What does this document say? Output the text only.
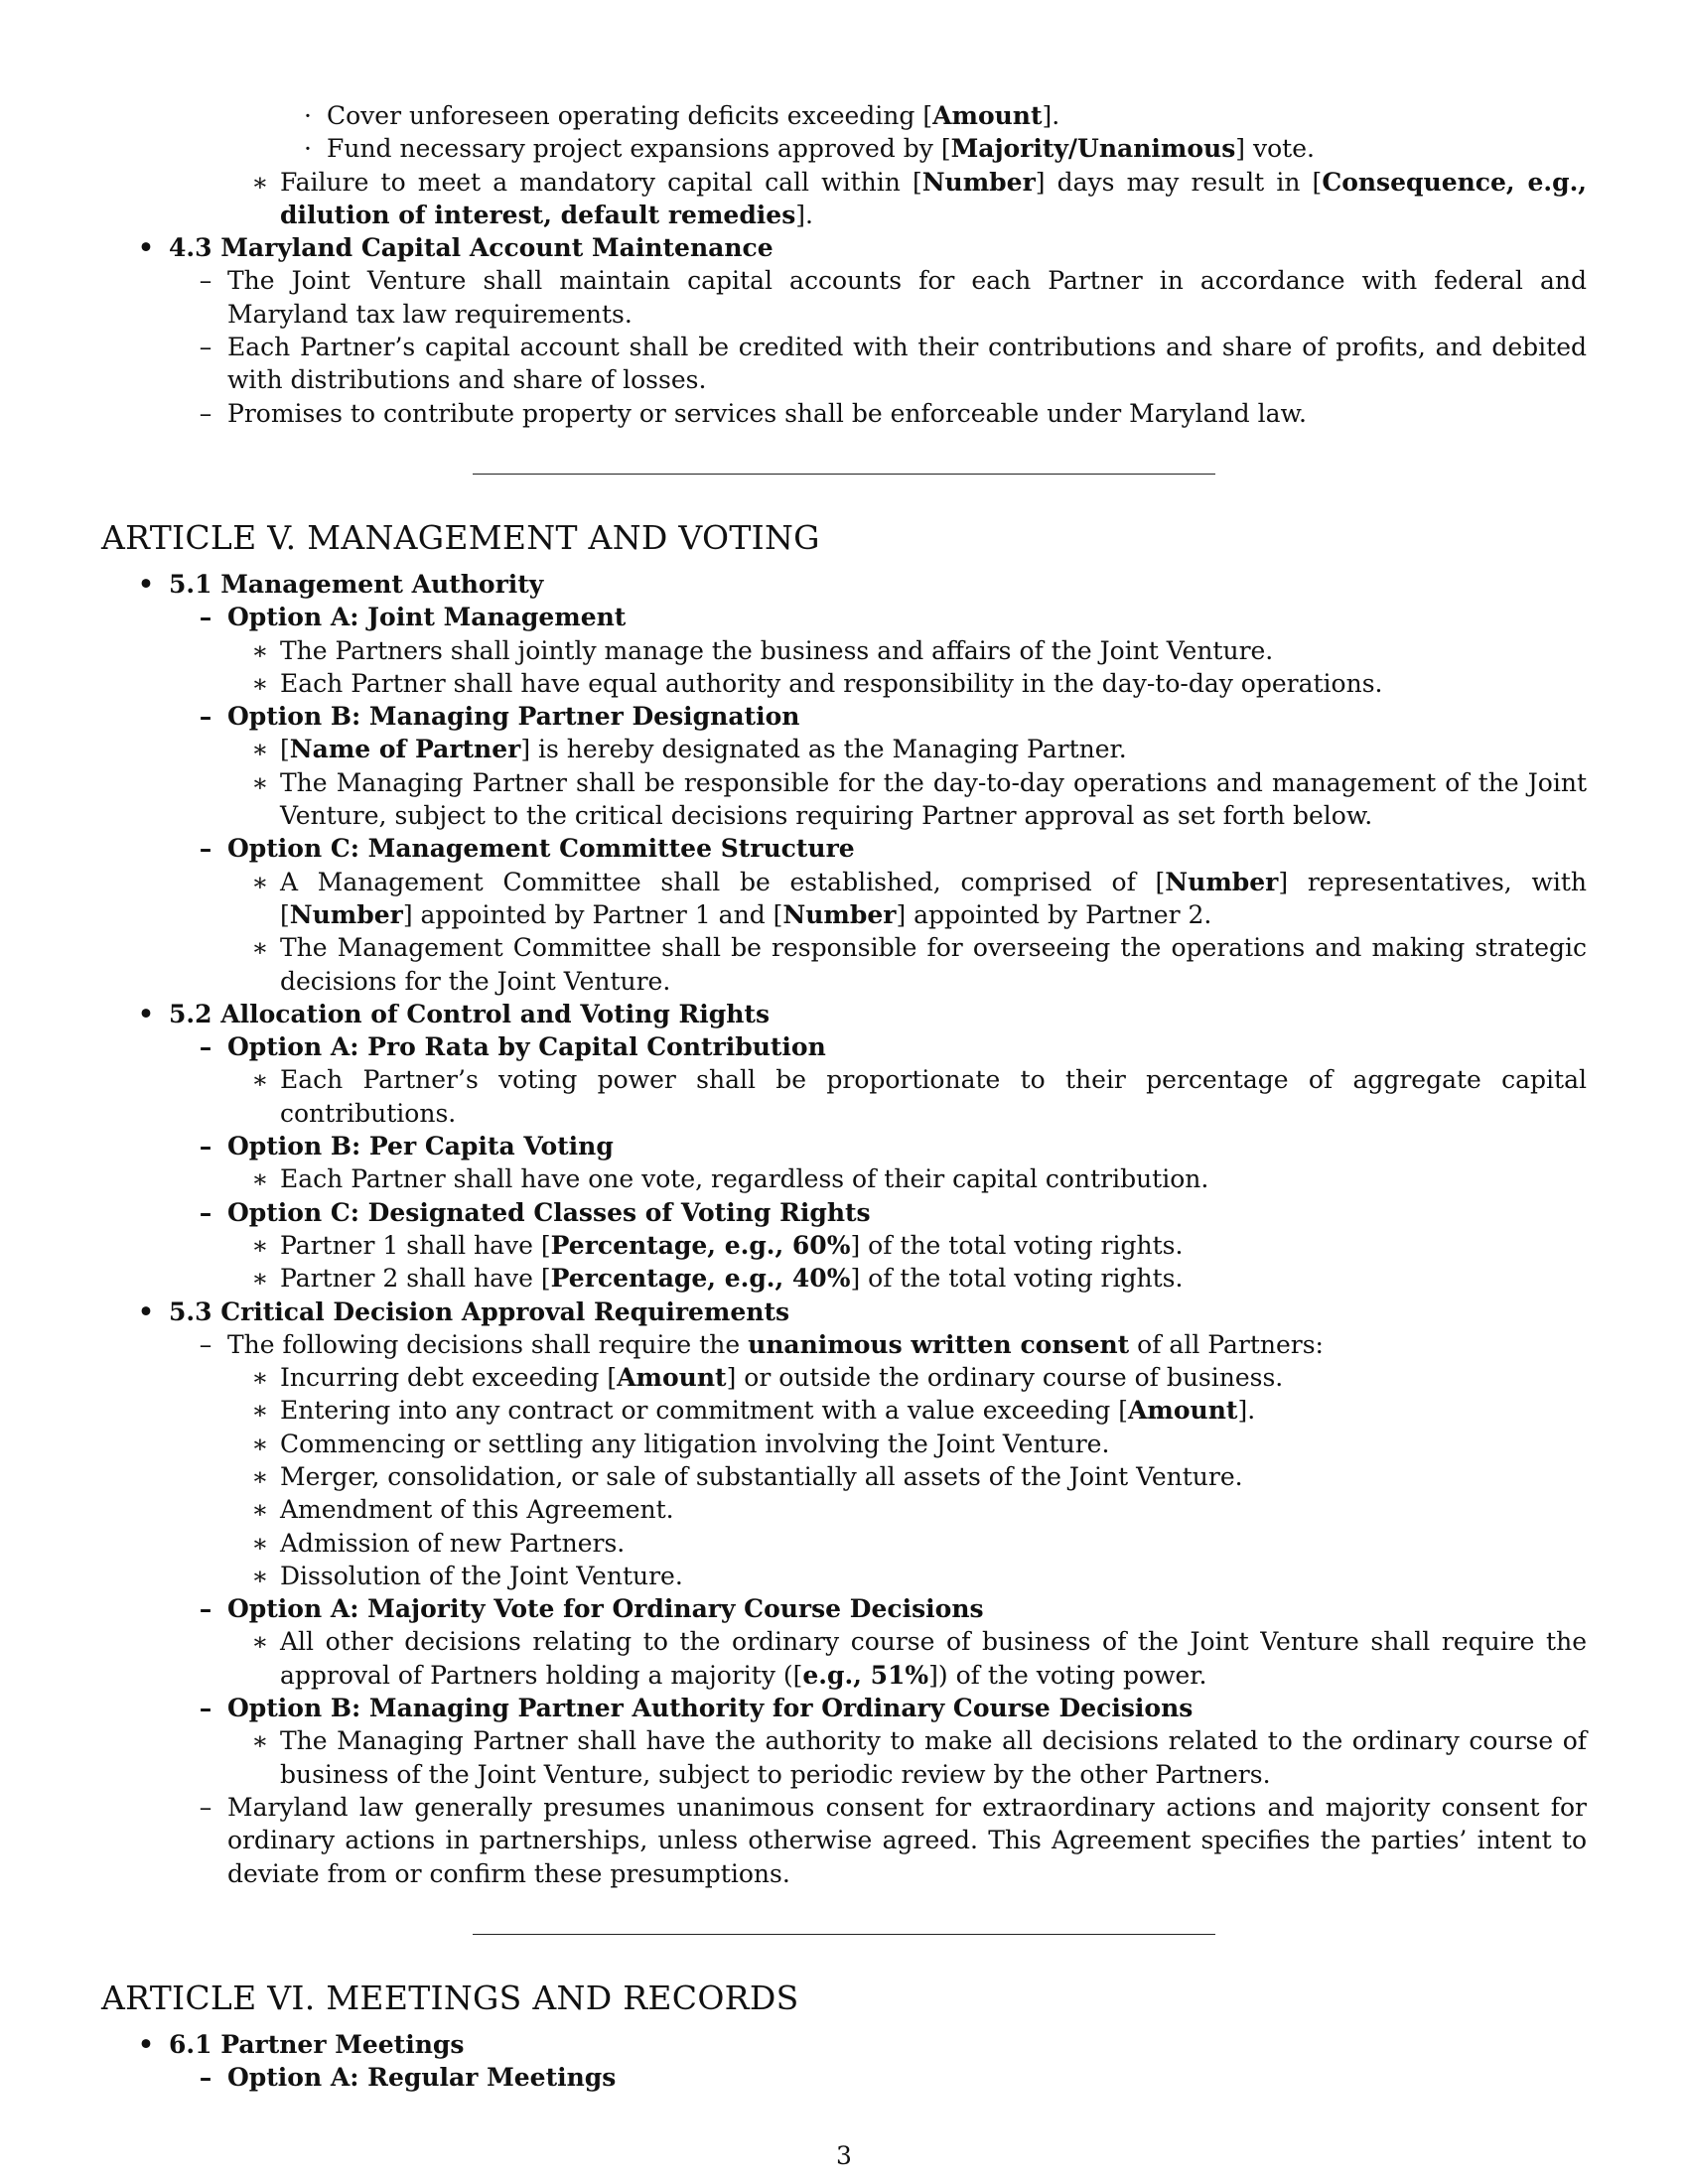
· Cover unforeseen operating deficits exceeding [Amount].
· Fund necessary project expansions approved by [Majority/Unanimous] vote.
∗ Failure to meet a mandatory capital call within [Number] days may result in [Consequence, e.g., dilution of interest, default remedies].
• 4.3 Maryland Capital Account Maintenance
– The Joint Venture shall maintain capital accounts for each Partner in accordance with federal and Maryland tax law requirements.
– Each Partner’s capital account shall be credited with their contributions and share of profits, and debited with distributions and share of losses.
– Promises to contribute property or services shall be enforceable under Maryland law.
ARTICLE V. MANAGEMENT AND VOTING
• 5.1 Management Authority
– Option A: Joint Management
∗ The Partners shall jointly manage the business and affairs of the Joint Venture.
∗ Each Partner shall have equal authority and responsibility in the day-to-day operations.
– Option B: Managing Partner Designation
∗ [Name of Partner] is hereby designated as the Managing Partner.
∗ The Managing Partner shall be responsible for the day-to-day operations and management of the Joint Venture, subject to the critical decisions requiring Partner approval as set forth below.
– Option C: Management Committee Structure
∗ A Management Committee shall be established, comprised of [Number] representatives, with [Number] appointed by Partner 1 and [Number] appointed by Partner 2.
∗ The Management Committee shall be responsible for overseeing the operations and making strategic decisions for the Joint Venture.
• 5.2 Allocation of Control and Voting Rights
– Option A: Pro Rata by Capital Contribution
∗ Each Partner’s voting power shall be proportionate to their percentage of aggregate capital contributions.
– Option B: Per Capita Voting
∗ Each Partner shall have one vote, regardless of their capital contribution.
– Option C: Designated Classes of Voting Rights
∗ Partner 1 shall have [Percentage, e.g., 60%] of the total voting rights.
∗ Partner 2 shall have [Percentage, e.g., 40%] of the total voting rights.
• 5.3 Critical Decision Approval Requirements
– The following decisions shall require the unanimous written consent of all Partners:
∗ Incurring debt exceeding [Amount] or outside the ordinary course of business.
∗ Entering into any contract or commitment with a value exceeding [Amount].
∗ Commencing or settling any litigation involving the Joint Venture.
∗ Merger, consolidation, or sale of substantially all assets of the Joint Venture.
∗ Amendment of this Agreement.
∗ Admission of new Partners.
∗ Dissolution of the Joint Venture.
– Option A: Majority Vote for Ordinary Course Decisions
∗ All other decisions relating to the ordinary course of business of the Joint Venture shall require the approval of Partners holding a majority ([e.g., 51%]) of the voting power.
– Option B: Managing Partner Authority for Ordinary Course Decisions
∗ The Managing Partner shall have the authority to make all decisions related to the ordinary course of business of the Joint Venture, subject to periodic review by the other Partners.
– Maryland law generally presumes unanimous consent for extraordinary actions and majority consent for ordinary actions in partnerships, unless otherwise agreed. This Agreement specifies the parties’ intent to deviate from or confirm these presumptions.
ARTICLE VI. MEETINGS AND RECORDS
• 6.1 Partner Meetings
– Option A: Regular Meetings
3
